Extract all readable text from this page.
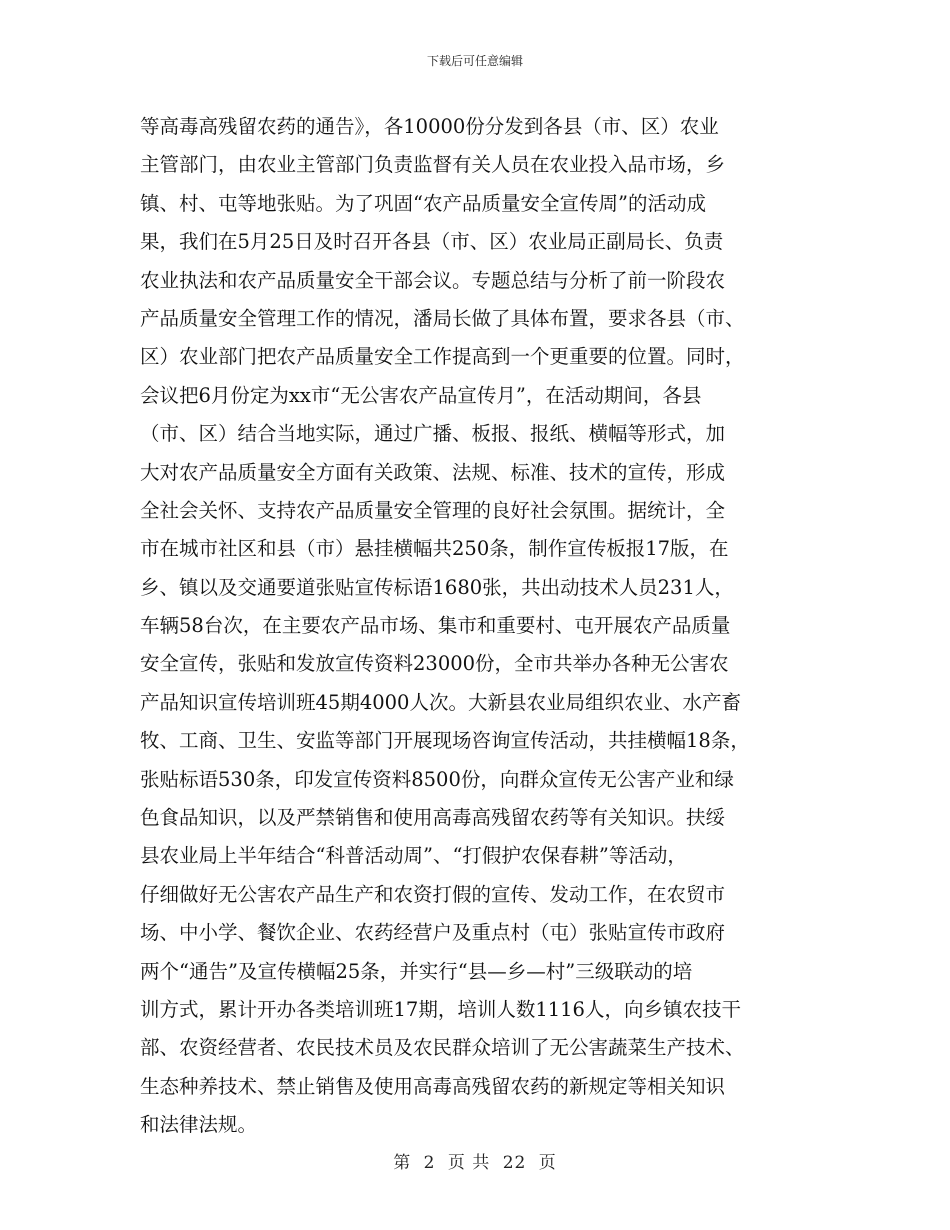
下载后可任意编辑
等高毒高残留农药的通告》，各10000份分发到各县（市、区）农业
主管部门，由农业主管部门负责监督有关人员在农业投入品市场，乡
镇、村、屯等地张贴。为了巩固“农产品质量安全宣传周”的活动成
果，我们在5月25日及时召开各县（市、区）农业局正副局长、负责
农业执法和农产品质量安全干部会议。专题总结与分析了前一阶段农
产品质量安全管理工作的情况，潘局长做了具体布置，要求各县（市、
区）农业部门把农产品质量安全工作提高到一个更重要的位置。同时，
会议把6月份定为xx市“无公害农产品宣传月”，在活动期间，各县
（市、区）结合当地实际，通过广播、板报、报纸、横幅等形式，加
大对农产品质量安全方面有关政策、法规、标准、技术的宣传，形成
全社会关怀、支持农产品质量安全管理的良好社会氛围。据统计，全
市在城市社区和县（市）悬挂横幅共250条，制作宣传板报17版，在
乡、镇以及交通要道张贴宣传标语1680张，共出动技术人员231人，
车辆58台次，在主要农产品市场、集市和重要村、屯开展农产品质量
安全宣传，张贴和发放宣传资料23000份，全市共举办各种无公害农
产品知识宣传培训班45期4000人次。大新县农业局组织农业、水产畜
牧、工商、卫生、安监等部门开展现场咨询宣传活动，共挂横幅18条，
张贴标语530条，印发宣传资料8500份，向群众宣传无公害产业和绿
色食品知识，以及严禁销售和使用高毒高残留农药等有关知识。扶绥
县农业局上半年结合“科普活动周”、“打假护农保春耕”等活动，
仔细做好无公害农产品生产和农资打假的宣传、发动工作，在农贸市
场、中小学、餐饮企业、农药经营户及重点村（屯）张贴宣传市政府
两个“通告”及宣传横幅25条，并实行“县—乡—村”三级联动的培
训方式，累计开办各类培训班17期，培训人数1116人，向乡镇农技干
部、农资经营者、农民技术员及农民群众培训了无公害蔬菜生产技术、
生态种养技术、禁止销售及使用高毒高残留农药的新规定等相关知识
和法律法规。
第 2 页 共 22 页
